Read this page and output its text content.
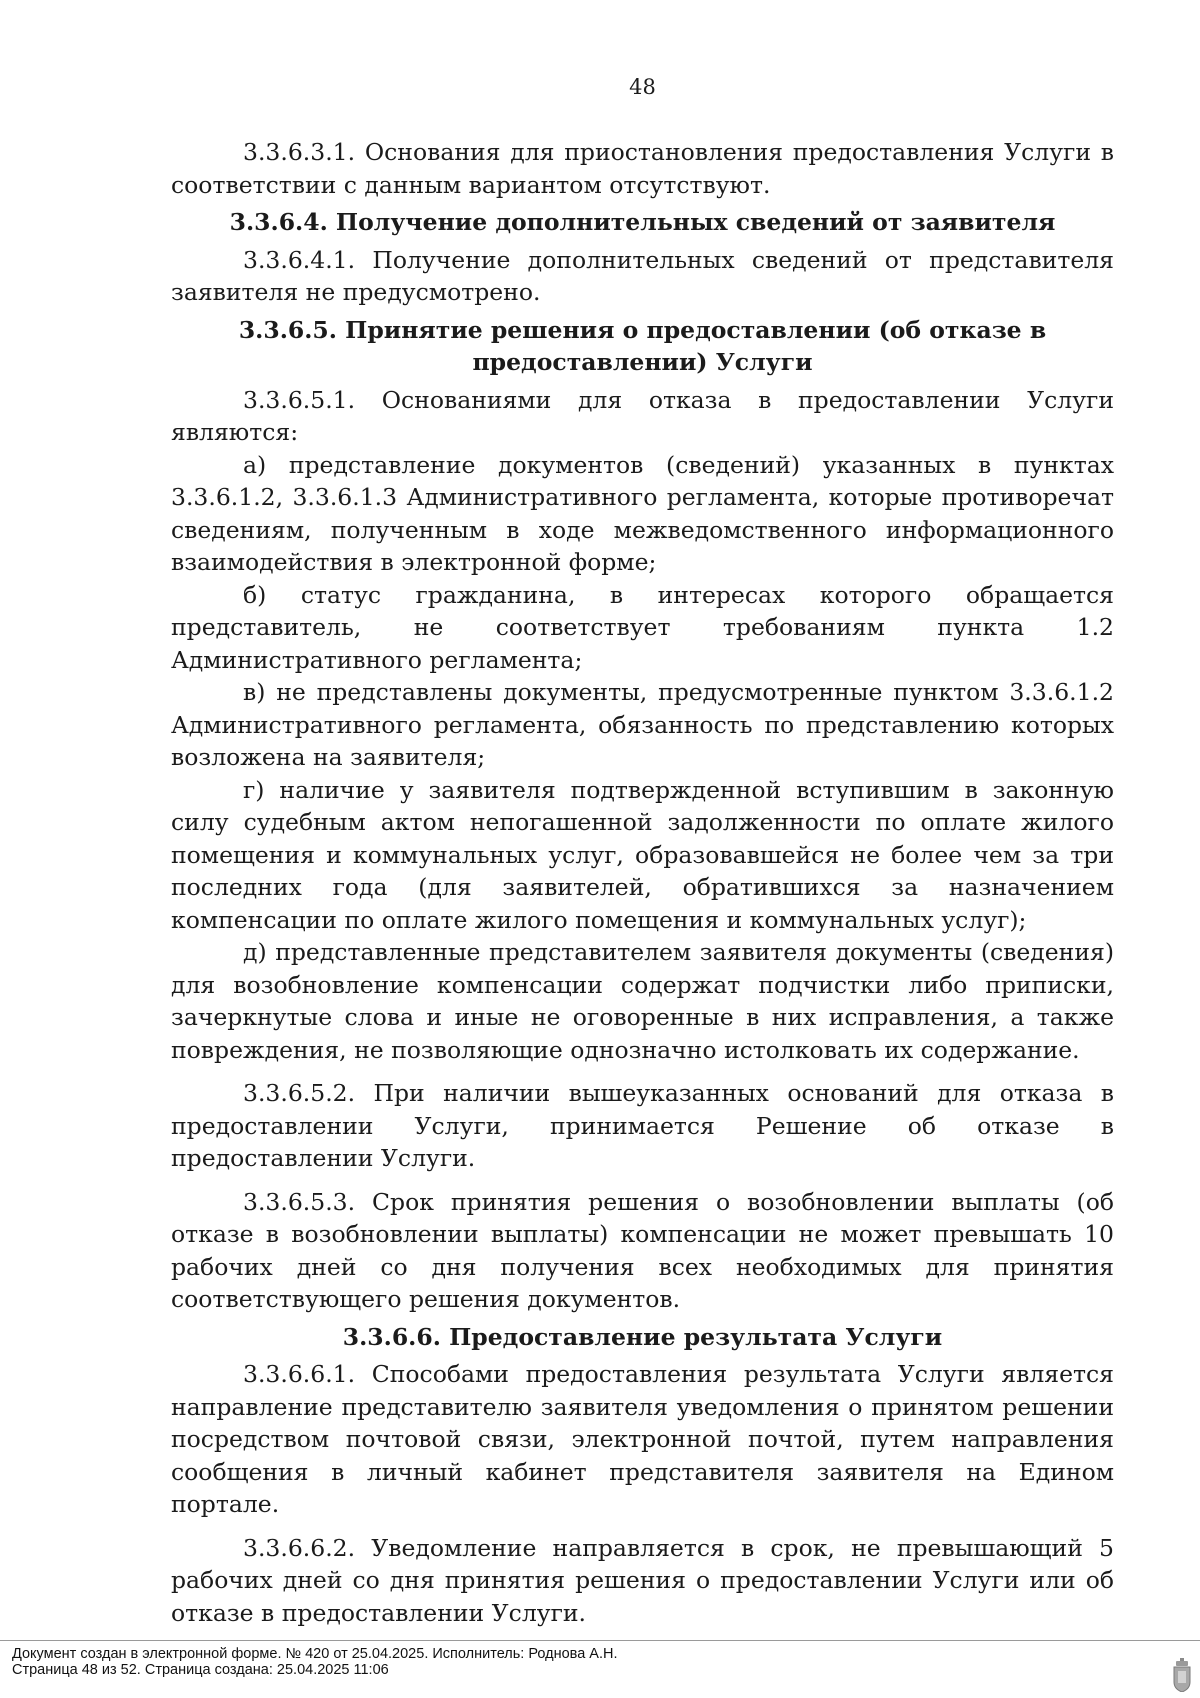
48

3.3.6.3.1. Основания для приостановления предоставления Услуги в соответствии с данным вариантом отсутствуют.

3.3.6.4. Получение дополнительных сведений от заявителя

3.3.6.4.1. Получение дополнительных сведений от представителя заявителя не предусмотрено.

3.3.6.5. Принятие решения о предоставлении (об отказе в
предоставлении) Услуги

3.3.6.5.1. Основаниями для отказа в предоставлении Услуги являются:

а) представление документов (сведений) указанных в пунктах 3.3.6.1.2, 3.3.6.1.3 Административного регламента, которые противоречат сведениям, полученным в ходе межведомственного информационного взаимодействия в электронной форме;

б) статус гражданина, в интересах которого обращается представитель, не соответствует требованиям пункта 1.2 Административного регламента;

в) не представлены документы, предусмотренные пунктом 3.3.6.1.2 Административного регламента, обязанность по представлению которых возложена на заявителя;

г) наличие у заявителя подтвержденной вступившим в законную силу судебным актом непогашенной задолженности по оплате жилого помещения и коммунальных услуг, образовавшейся не более чем за три последних года (для заявителей, обратившихся за назначением компенсации по оплате жилого помещения и коммунальных услуг);

д) представленные представителем заявителя документы (сведения) для возобновление компенсации содержат подчистки либо приписки, зачеркнутые слова и иные не оговоренные в них исправления, а также повреждения, не позволяющие однозначно истолковать их содержание.

3.3.6.5.2. При наличии вышеуказанных оснований для отказа в предоставлении Услуги, принимается Решение об отказе в предоставлении Услуги.

3.3.6.5.3. Срок принятия решения о возобновлении выплаты (об отказе в возобновлении выплаты) компенсации не может превышать 10 рабочих дней со дня получения всех необходимых для принятия соответствующего решения документов.

3.3.6.6. Предоставление результата Услуги

3.3.6.6.1. Способами предоставления результата Услуги является направление представителю заявителя уведомления о принятом решении посредством почтовой связи, электронной почтой, путем направления сообщения в личный кабинет представителя заявителя на Едином портале.

3.3.6.6.2. Уведомление направляется в срок, не превышающий 5 рабочих дней со дня принятия решения о предоставлении Услуги или об отказе в предоставлении Услуги.

Документ создан в электронной форме. № 420 от 25.04.2025. Исполнитель: Роднова А.Н.
Страница 48 из 52. Страница создана: 25.04.2025 11:06
